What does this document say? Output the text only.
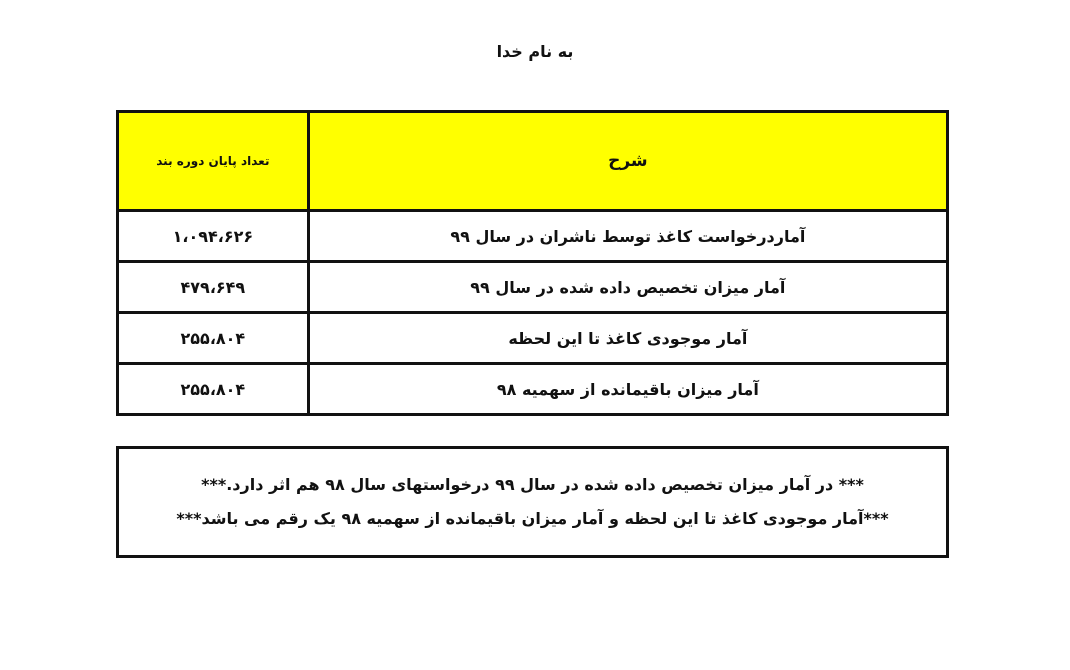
به نام خدا
شرح	تعداد پایان دوره بند
آماردرخواست کاغذ توسط ناشران در سال ۹۹	۱،۰۹۴،۶۲۶
آمار میزان تخصیص داده شده در سال ۹۹	۴۷۹،۶۴۹
آمار موجودی کاغذ تا این لحظه	۲۵۵،۸۰۴
آمار میزان باقیمانده از سهمیه ۹۸	۲۵۵،۸۰۴
*** در آمار میزان تخصیص داده شده در سال ۹۹ درخواستهای سال ۹۸ هم اثر دارد.***
***آمار موجودی کاغذ تا این لحظه و آمار میزان باقیمانده از سهمیه ۹۸ یک رقم می باشد***
